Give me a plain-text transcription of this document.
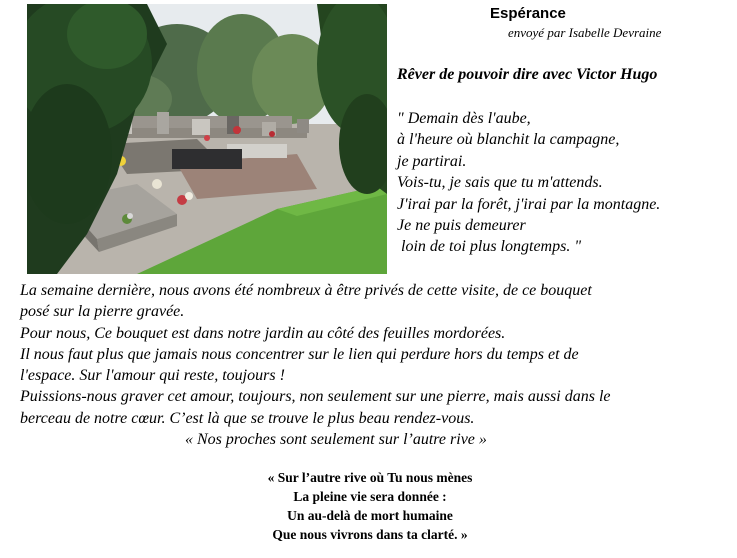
Espérance
envoyé par Isabelle Devraine
Rêver de pouvoir dire avec Victor Hugo
" Demain dès l'aube,
à l'heure où blanchit la campagne,
je partirai.
Vois-tu, je sais que tu m'attends.
J'irai par la forêt, j'irai par la montagne.
Je ne puis demeurer
loin de toi plus longtemps. "
La semaine dernière, nous avons été nombreux à être privés de cette visite, de ce bouquet
posé sur la pierre gravée.
Pour nous, Ce bouquet est dans notre jardin au côté des feuilles mordorées.
Il nous faut plus que jamais nous concentrer sur le lien qui perdure hors du temps et de
l'espace. Sur l'amour qui reste, toujours !
Puissions-nous graver cet amour, toujours, non seulement sur une pierre, mais aussi dans le
berceau de notre cœur. C’est là que se trouve le plus beau rendez-vous.
« Nos proches sont seulement sur l’autre rive »
« Sur l’autre rive où Tu nous mènes
La pleine vie sera donnée :
Un au-delà de mort humaine
Que nous vivrons dans ta clarté. »
